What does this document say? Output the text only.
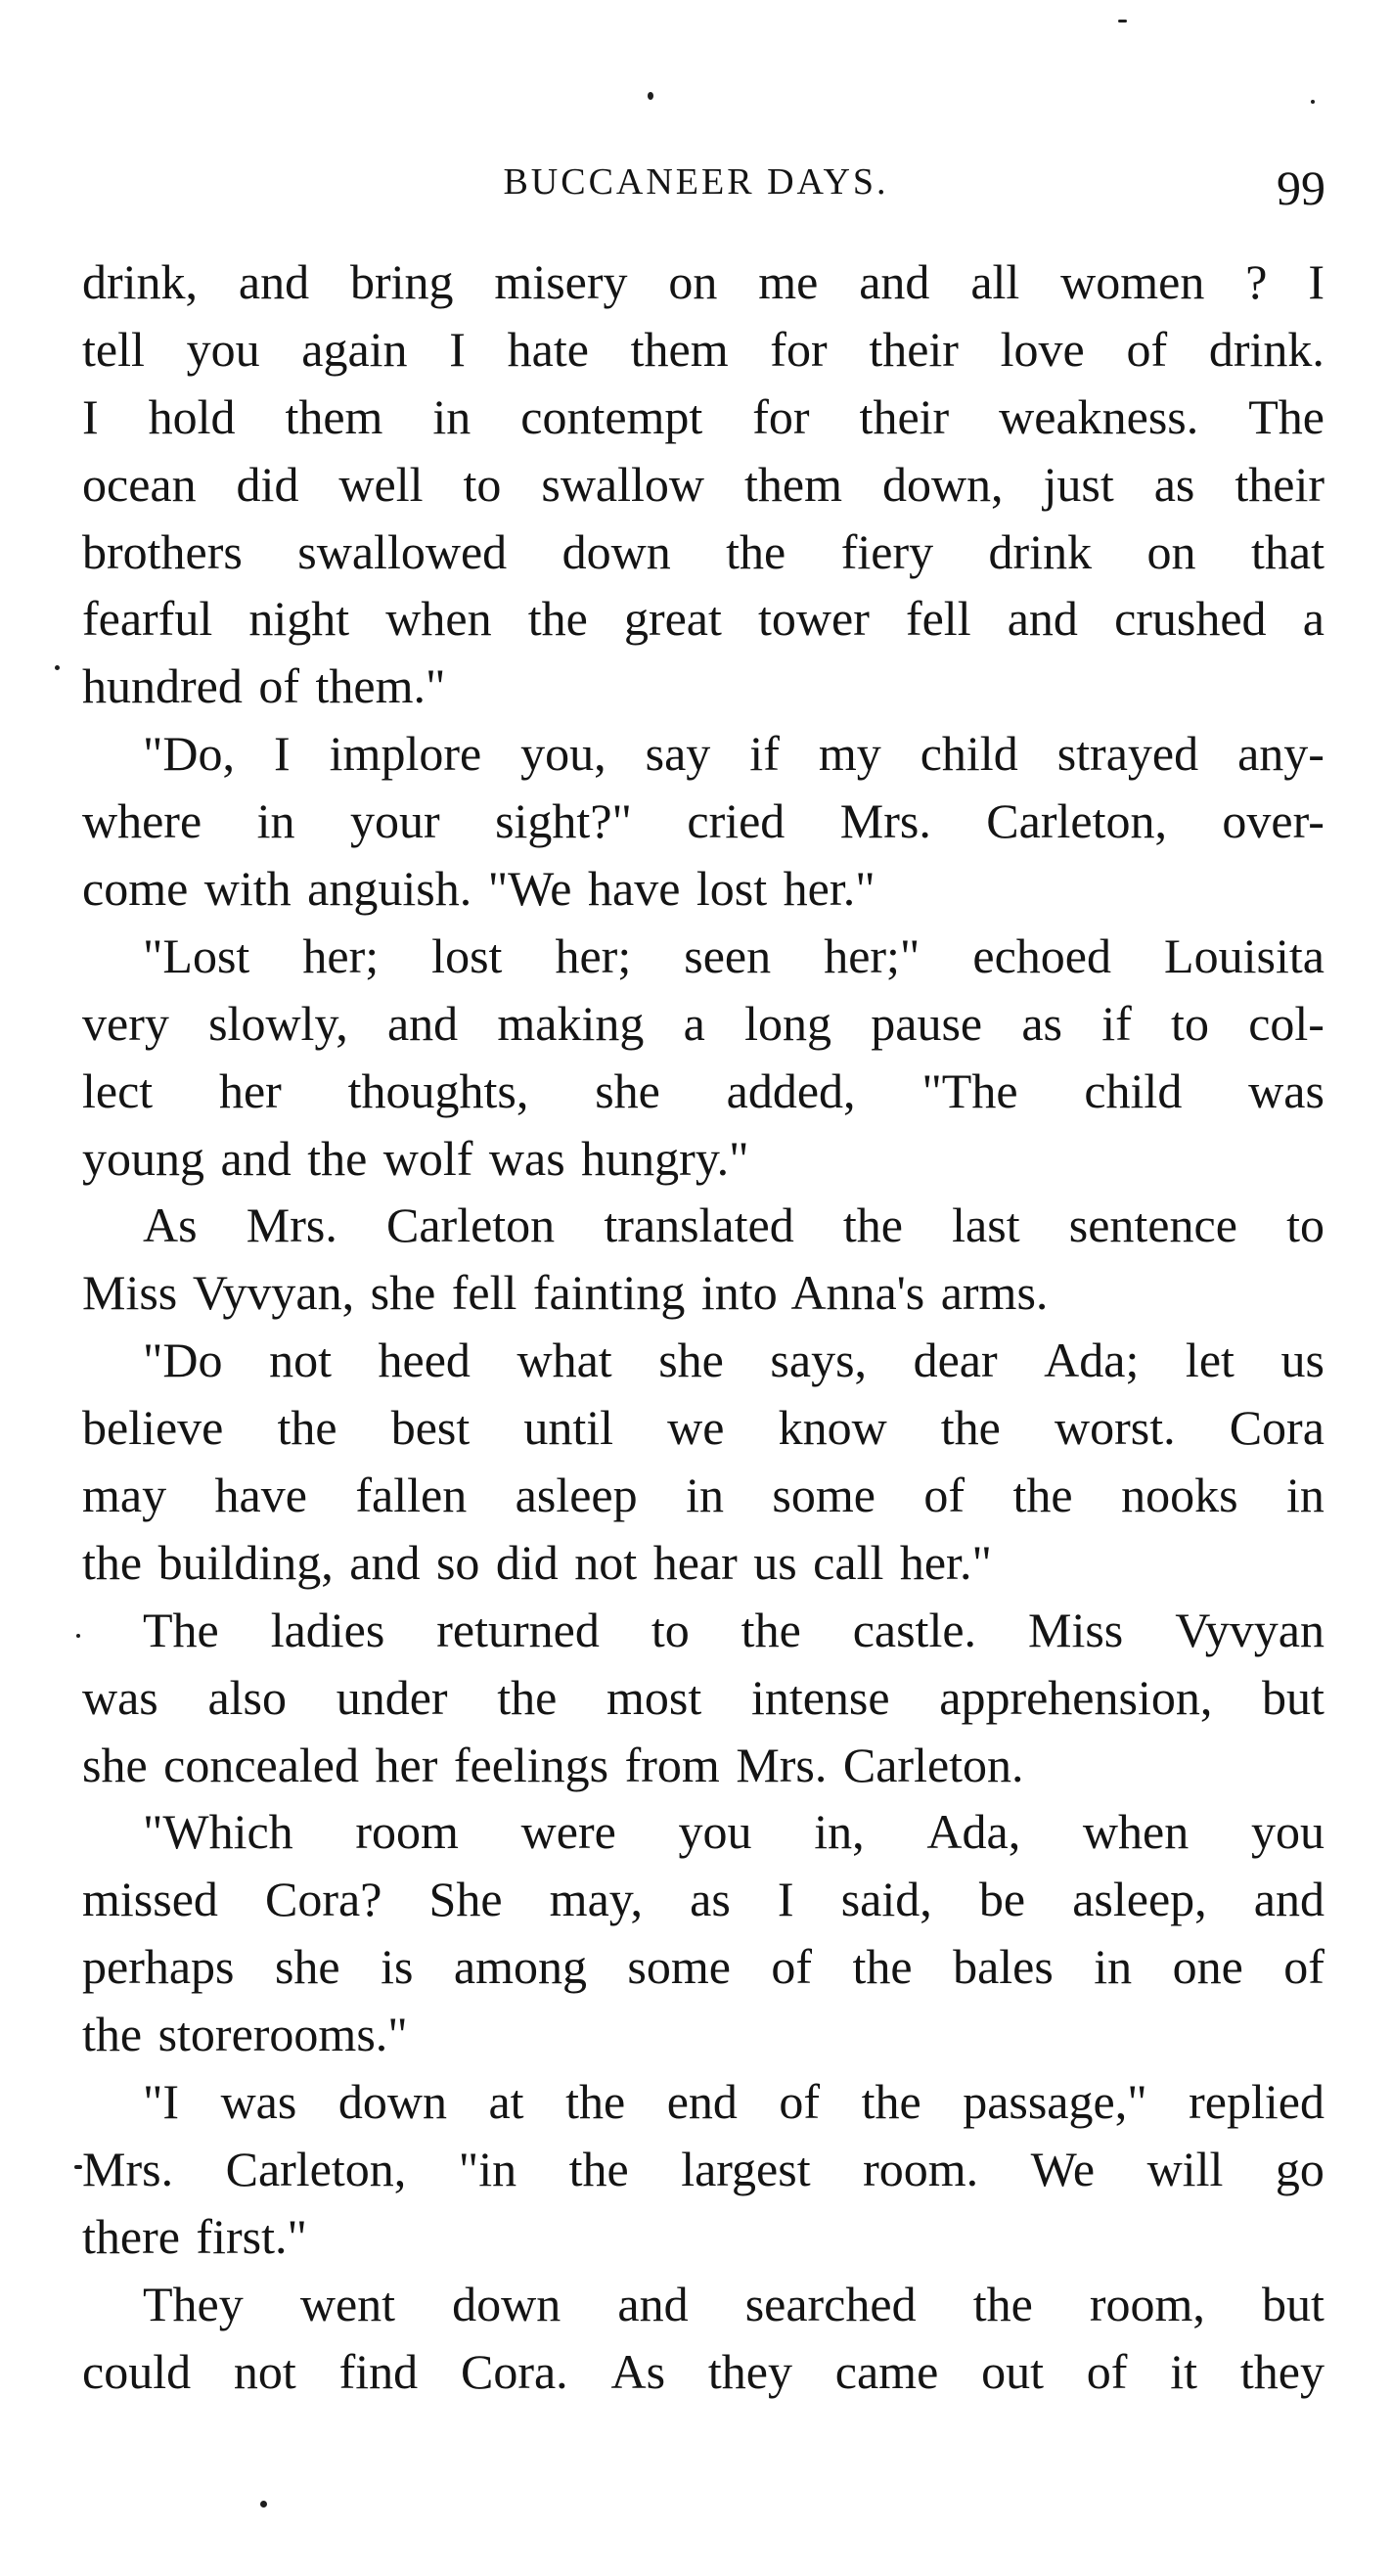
BUCCANEER DAYS.	99
drink, and bring misery on me and all women ? I
tell you again I hate them for their love of drink.
I hold them in contempt for their weakness. The
ocean did well to swallow them down, just as their
brothers swallowed down the fiery drink on that
fearful night when the great tower fell and crushed a
hundred of them."
"Do, I implore you, say if my child strayed any-
where in your sight?" cried Mrs. Carleton, over-
come with anguish. "We have lost her."
"Lost her; lost her; seen her;" echoed Louisita
very slowly, and making a long pause as if to col-
lect her thoughts, she added, "The child was
young and the wolf was hungry."
As Mrs. Carleton translated the last sentence to
Miss Vyvyan, she fell fainting into Anna's arms.
"Do not heed what she says, dear Ada; let us
believe the best until we know the worst. Cora
may have fallen asleep in some of the nooks in
the building, and so did not hear us call her."
The ladies returned to the castle. Miss Vyvyan
was also under the most intense apprehension, but
she concealed her feelings from Mrs. Carleton.
"Which room were you in, Ada, when you
missed Cora? She may, as I said, be asleep, and
perhaps she is among some of the bales in one of
the storerooms."
"I was down at the end of the passage," replied
Mrs. Carleton, "in the largest room. We will go
there first."
They went down and searched the room, but
could not find Cora. As they came out of it they
